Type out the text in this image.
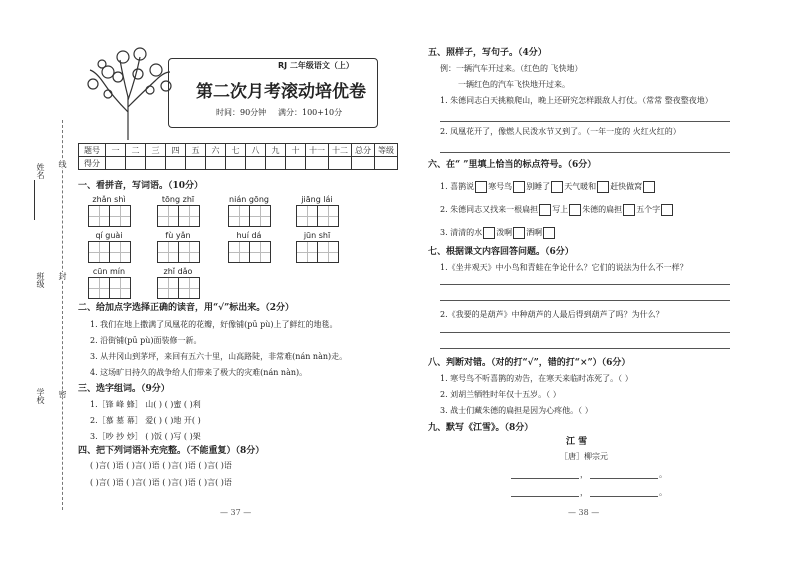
姓名
班级
学校
线
封
密
RJ 二年级语文（上）
第二次月考滚动培优卷
时间：90分钟 满分：100+10分
题号	一	二	三	四	五	六	七	八	九	十	十一	十二	总分	等级
得分														
一、看拼音，写词语。（10分）
zhǎn shì	tōng zhī	nián gōng	jiāng lái
qí guài	fù yǎn	huí dá	jūn shī
cūn mín	zhǐ dǎo
二、给加点字选择正确的读音，用“√”标出来。（2分）
1. 我们在地上撒满了凤凰花的花瓣，好像铺(pū pù)上了鲜红的地毯。
2. 沿街铺(pū pù)面装修一新。
3. 从井冈山到茅坪，来回有五六十里，山高路陡，非常难(nán nàn)走。
4. 这场旷日持久的战争给人们带来了极大的灾难(nán nàn)。
三、选字组词。（9分）
1.［锋 峰 蜂］ 山( ) ( )蜜 ( )利
2.［慕 墓 幕］ 爱( ) ( )地 开( )
3.［吵 抄 炒］ ( )饭 ( )写 ( )架
四、把下列词语补充完整。（不能重复）（8分）
( )言( )语 ( )言( )语 ( )言( )语 ( )言( )语
( )言( )语 ( )言( )语 ( )言( )语 ( )言( )语
— 37 —
五、照样子，写句子。（4分）
例：一辆汽车开过来。（红色的 飞快地）
一辆红色的汽车飞快地开过来。
1. 朱德同志白天挑粮爬山，晚上还研究怎样跟敌人打仗。（常常 整夜整夜地）
2. 凤凰花开了，像燃人民泼水节又到了。（一年一度的 火红火红的）
六、在“ ”里填上恰当的标点符号。（6分）
1. 喜鹊说 寒号鸟 别睡了 天气暖和 赶快做窝
2. 朱德同志又找来一根扁担 写上 朱德的扁担 五个字
3. 清清的水 泼啊 洒啊
七、根据课文内容回答问题。（6分）
1.《坐井观天》中小鸟和青蛙在争论什么？它们的说法为什么不一样？
2.《我要的是葫芦》中种葫芦的人最后得到葫芦了吗？为什么？
八、判断对错。（对的打“√”，错的打“×”）（6分）
1. 寒号鸟不听喜鹊的劝告，在寒天来临时冻死了。（ ）
2. 刘胡兰牺牲时年仅十五岁。（ ）
3. 战士们藏朱德的扁担是因为心疼他。（ ）
九、默写《江雪》。（8分）
江 雪
［唐］柳宗元
，	。
，	。
— 38 —
